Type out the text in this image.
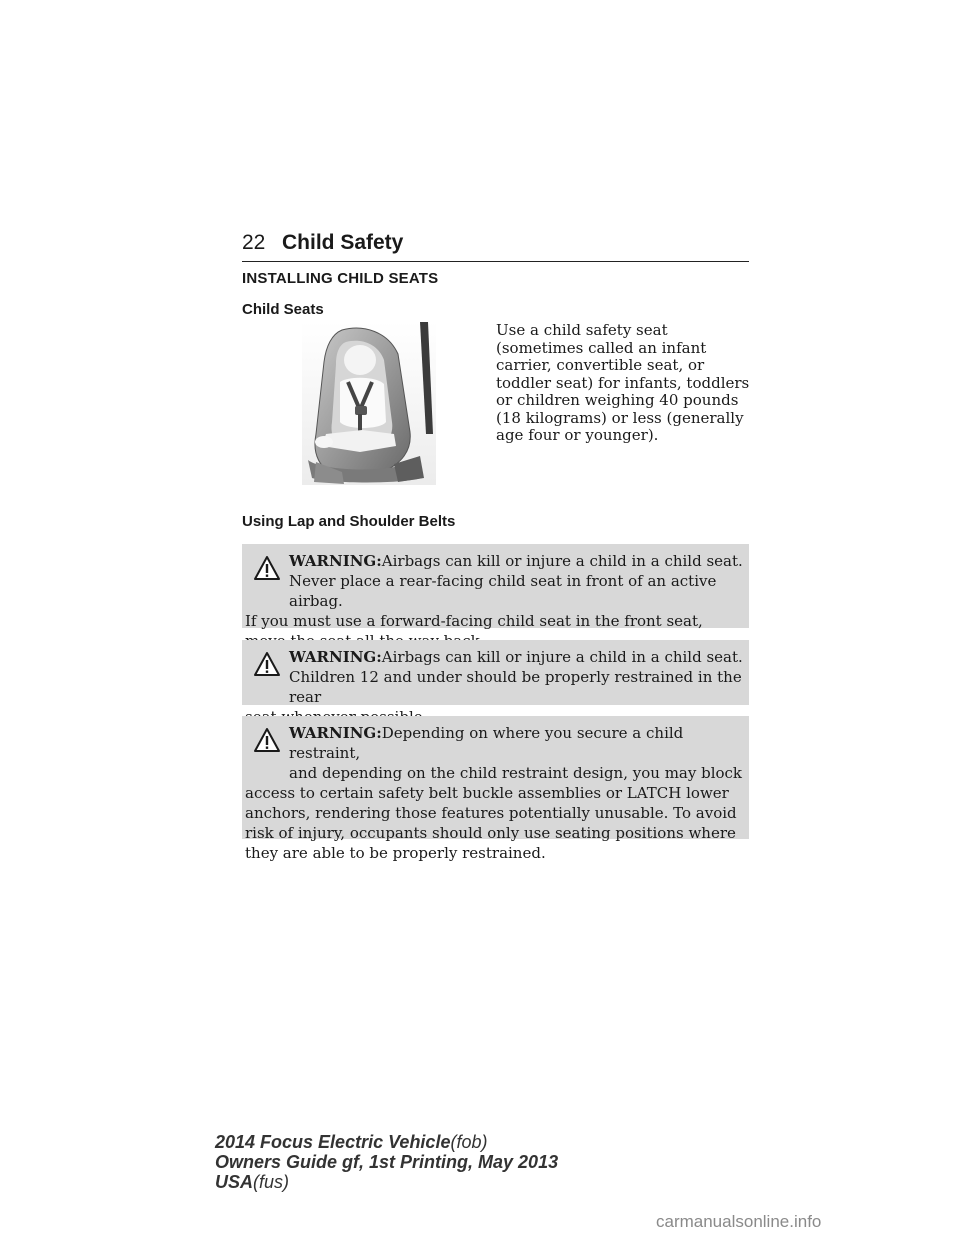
22 Child Safety
INSTALLING CHILD SEATS
Child Seats
Use a child safety seat (sometimes called an infant carrier, convertible seat, or toddler seat) for infants, toddlers or children weighing 40 pounds (18 kilograms) or less (generally age four or younger).
Using Lap and Shoulder Belts
WARNING:Airbags can kill or injure a child in a child seat.
Never place a rear-facing child seat in front of an active airbag.
If you must use a forward-facing child seat in the front seat,
WARNING:Airbags can kill or injure a child in a child seat.
Children 12 and under should be properly restrained in the rear
WARNING:Depending on where you secure a child restraint,
and depending on the child restraint design, you may block
access to certain safety belt buckle assemblies or LATCH lower anchors, rendering those features potentially unusable. To avoid risk of injury, occupants should only use seating positions where they are able to be properly restrained.
2014 Focus Electric Vehicle(fob)
Owners Guide gf, 1st Printing, May 2013
USA(fus)
carmanualsonline.info
